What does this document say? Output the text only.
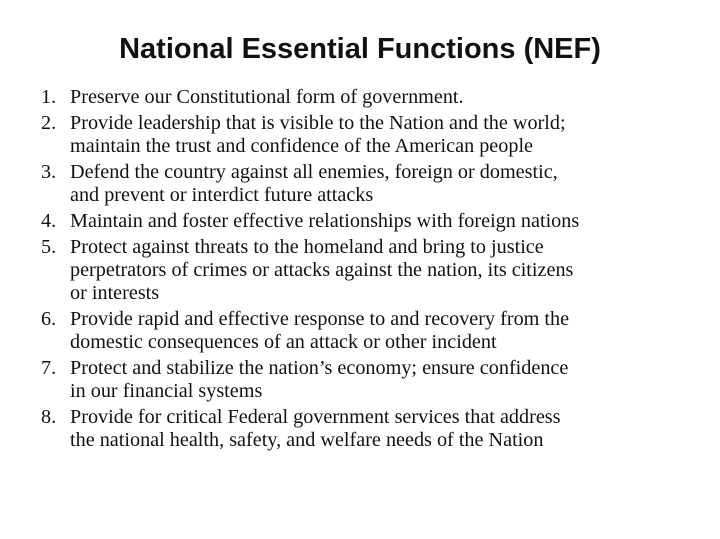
National Essential Functions (NEF)
1. Preserve our Constitutional form of government.
2. Provide leadership that is visible to the Nation and the world;
maintain the trust and confidence of the American people
3. Defend the country against all enemies, foreign or domestic,
and prevent or interdict future attacks
4. Maintain and foster effective relationships with foreign nations
5. Protect against threats to the homeland and bring to justice
perpetrators of crimes or attacks against the nation, its citizens
or interests
6. Provide rapid and effective response to and recovery from the
domestic consequences of an attack or other incident
7. Protect and stabilize the nation’s economy; ensure confidence
in our financial systems
8. Provide for critical Federal government services that address
the national health, safety, and welfare needs of the Nation
